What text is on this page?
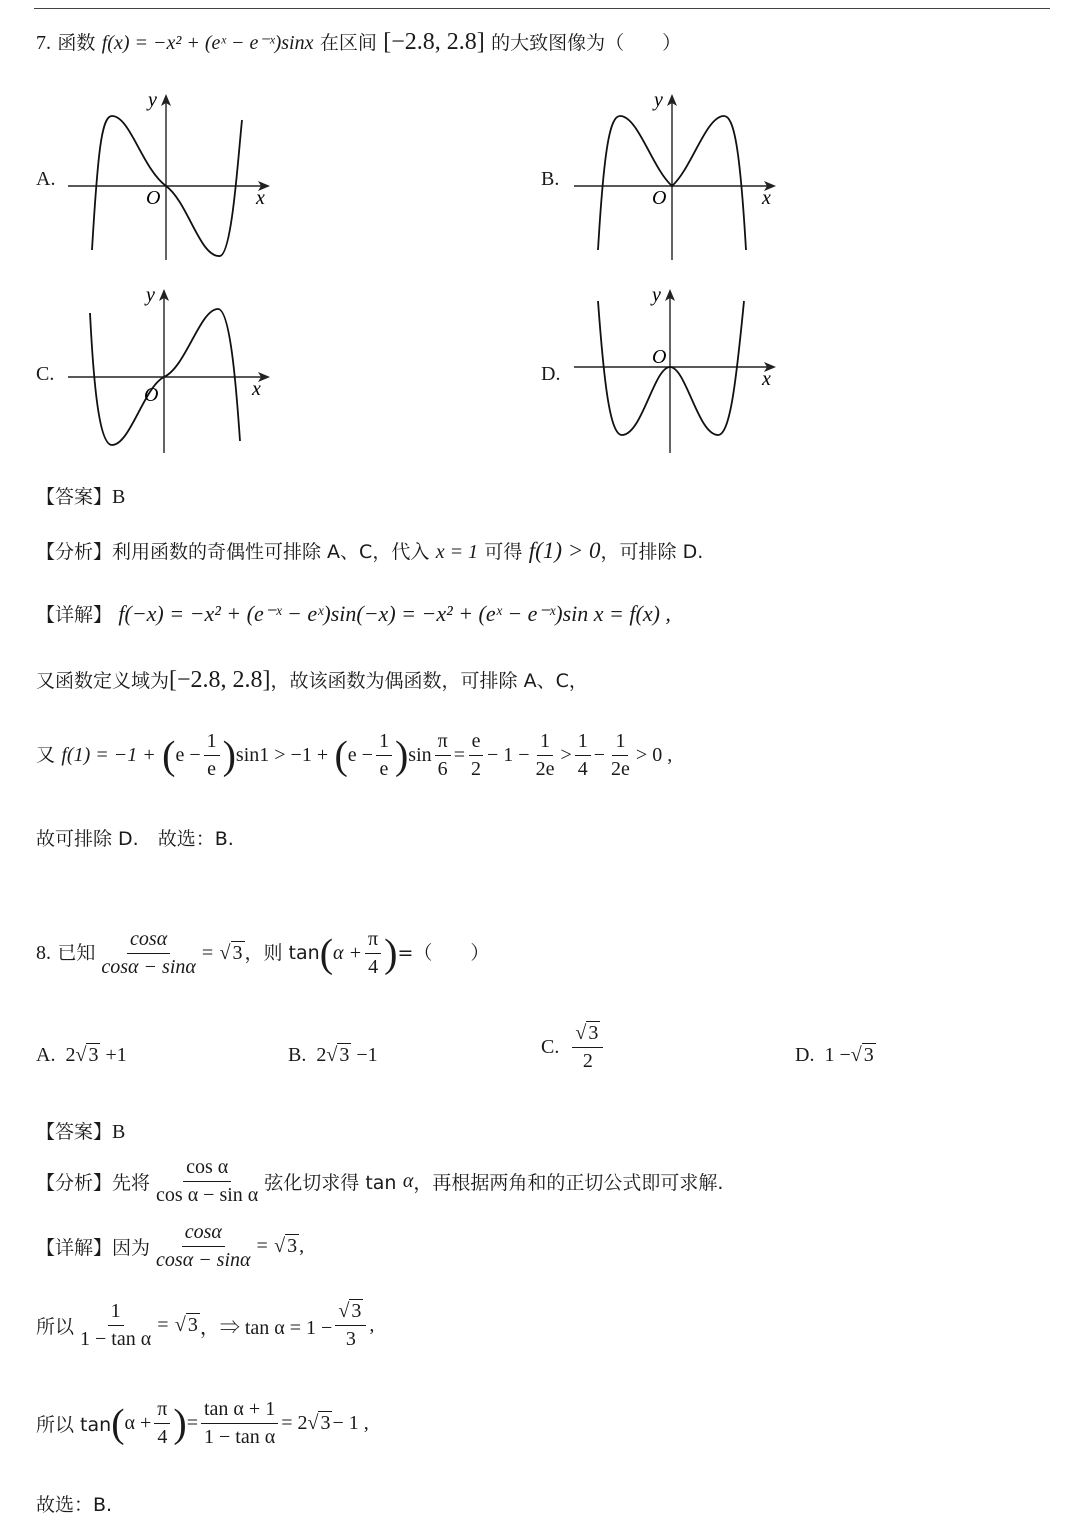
7. 函数 f(x) = −x² + (eˣ − e⁻ˣ)sinx 在区间 [−2.8, 2.8] 的大致图像为（　　）
A.
y
x
O
B.
y
x
O
C.
y
x
O
D.
y
x
O
【答案】B
【分析】利用函数的奇偶性可排除 A、C，代入 x = 1 可得 f(1) > 0，可排除 D.
【详解】 f(−x) = −x² + (e⁻ˣ − eˣ)sin(−x) = −x² + (eˣ − e⁻ˣ)sin x = f(x) ,
又函数定义域为[−2.8, 2.8]，故该函数为偶函数，可排除 A、C，
又 $f(1) = -1 + (e - \frac{1}{e} )\sin 1 > -1 + (e - \frac{1}{e} )\sin \frac{\pi}{6} = \frac{e}{2} - 1 - \frac{1}{2e} > \frac{1}{4} - \frac{1}{2e} > 0$ ,
故可排除 D.　故选：B.
8. 已知 $\frac{\cos\alpha}{\cos\alpha - \sin\alpha}$ = √ 3 ，则 $\tan(\alpha + \frac{\pi}{4}$ )=（　　）
A. 2√ 3 +1	B. 2√ 3 −1	C. $\frac{√ 3}{2}$	D. 1 −√ 3
【答案】B
【分析】先将 $\frac{\text{cos α}}{\text{cos α − sin α}}$ 弦化切求得 tan α，再根据两角和的正切公式即可求解.
【详解】因为 $\frac{\cos\alpha}{\cos\alpha - \sin\alpha}$ = √ 3 ,
所以 $\frac{1}{\text{1 − tan α}}$ = √ 3 ，⇒ $\tan \alpha = 1 - \frac{√ 3}{3}$ ,
所以 $\tan(\alpha + \frac{\pi}{4}$ )= $\frac{\text{tan α + 1}}{\text{1 − tan α}} = 2√$ 3 − 1 ,
故选：B.
